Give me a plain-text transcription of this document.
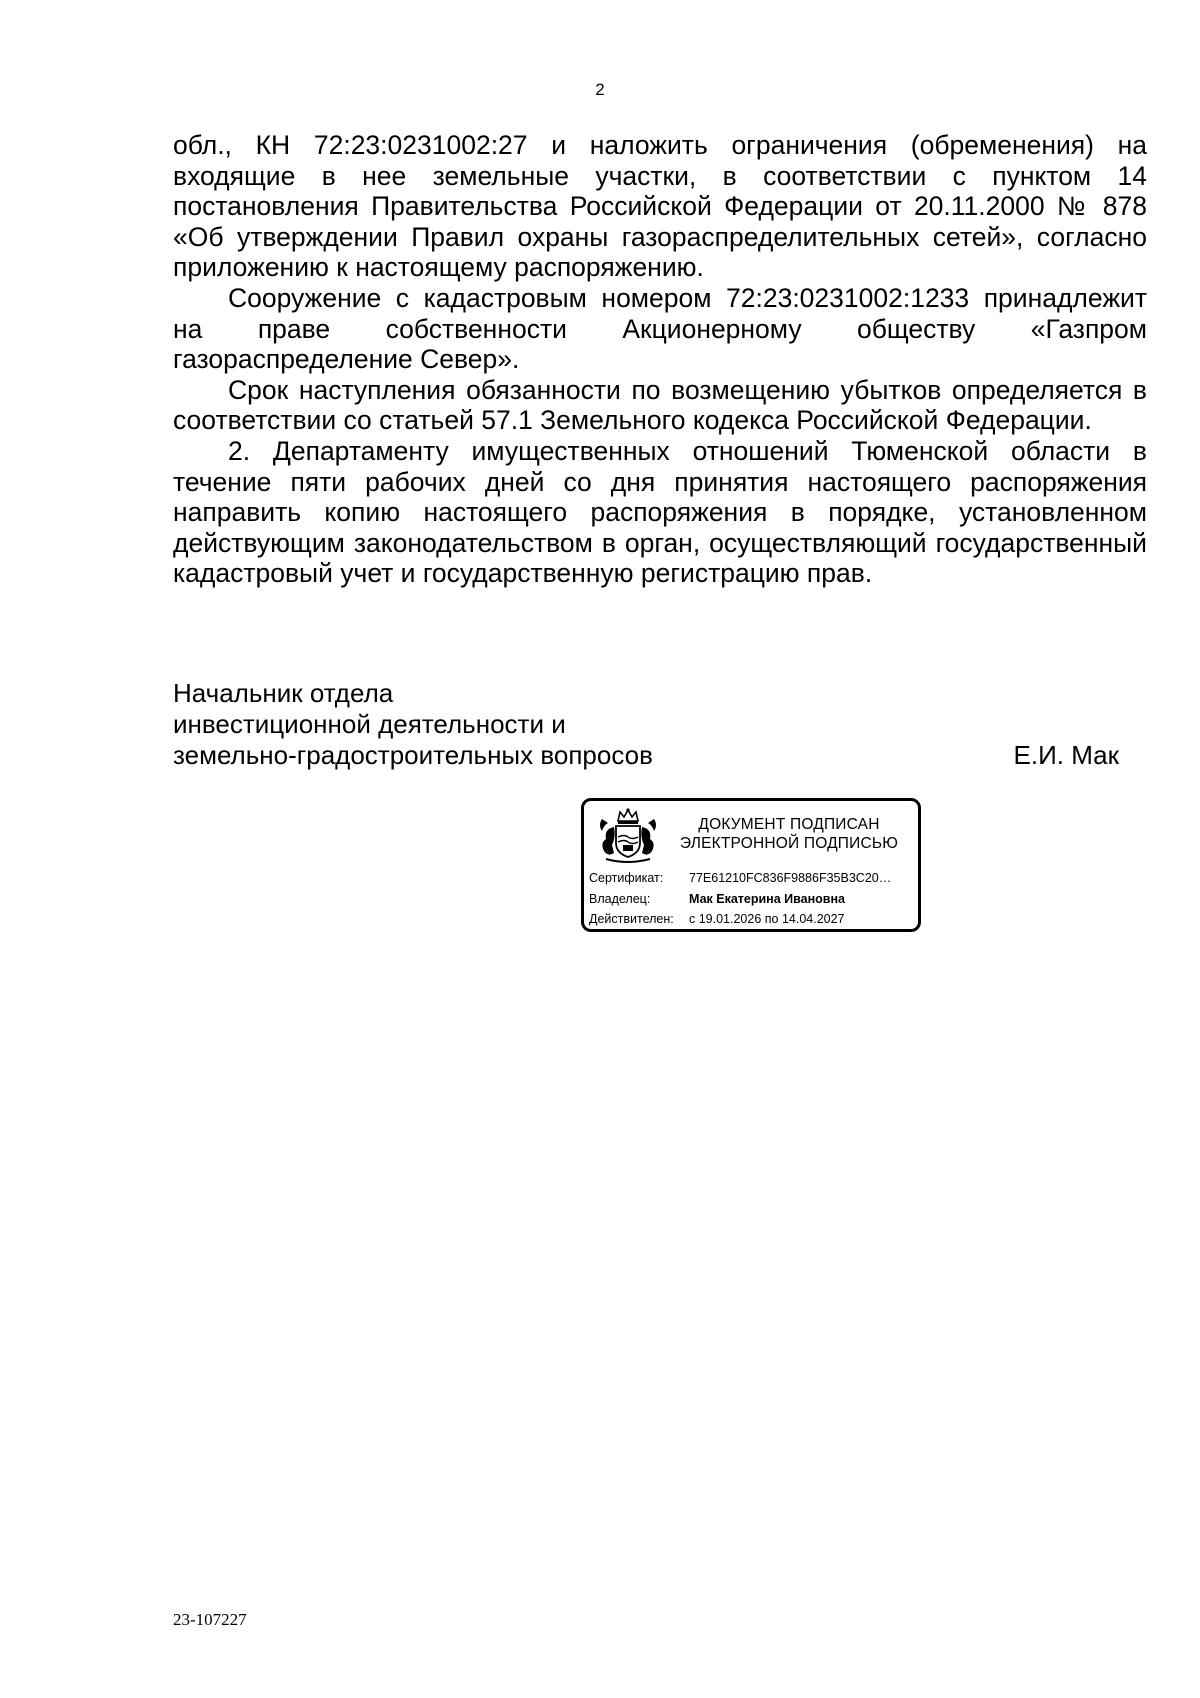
2

обл., КН 72:23:0231002:27 и наложить ограничения (обременения) на входящие в нее земельные участки, в соответствии с пунктом 14 постановления Правительства Российской Федерации от 20.11.2000 № 878 «Об утверждении Правил охраны газораспределительных сетей», согласно приложению к настоящему распоряжению.

Сооружение с кадастровым номером 72:23:0231002:1233 принадлежит на праве собственности Акционерному обществу «Газпром газораспределение Север».

Срок наступления обязанности по возмещению убытков определяется в соответствии со статьей 57.1 Земельного кодекса Российской Федерации.

2. Департаменту имущественных отношений Тюменской области в течение пяти рабочих дней со дня принятия настоящего распоряжения направить копию настоящего распоряжения в порядке, установленном действующим законодательством в орган, осуществляющий государственный кадастровый учет и государственную регистрацию прав.

Начальник отдела
инвестиционной деятельности и
земельно-градостроительных вопросов	Е.И. Мак
ДОКУМЕНТ ПОДПИСАН
ЭЛЕКТРОННОЙ ПОДПИСЬЮ
Сертификат: 77E61210FC836F9886F35B3C20…
Владелец:	Мак Екатерина Ивановна
Действителен: с 19.01.2026 по 14.04.2027
23-107227
